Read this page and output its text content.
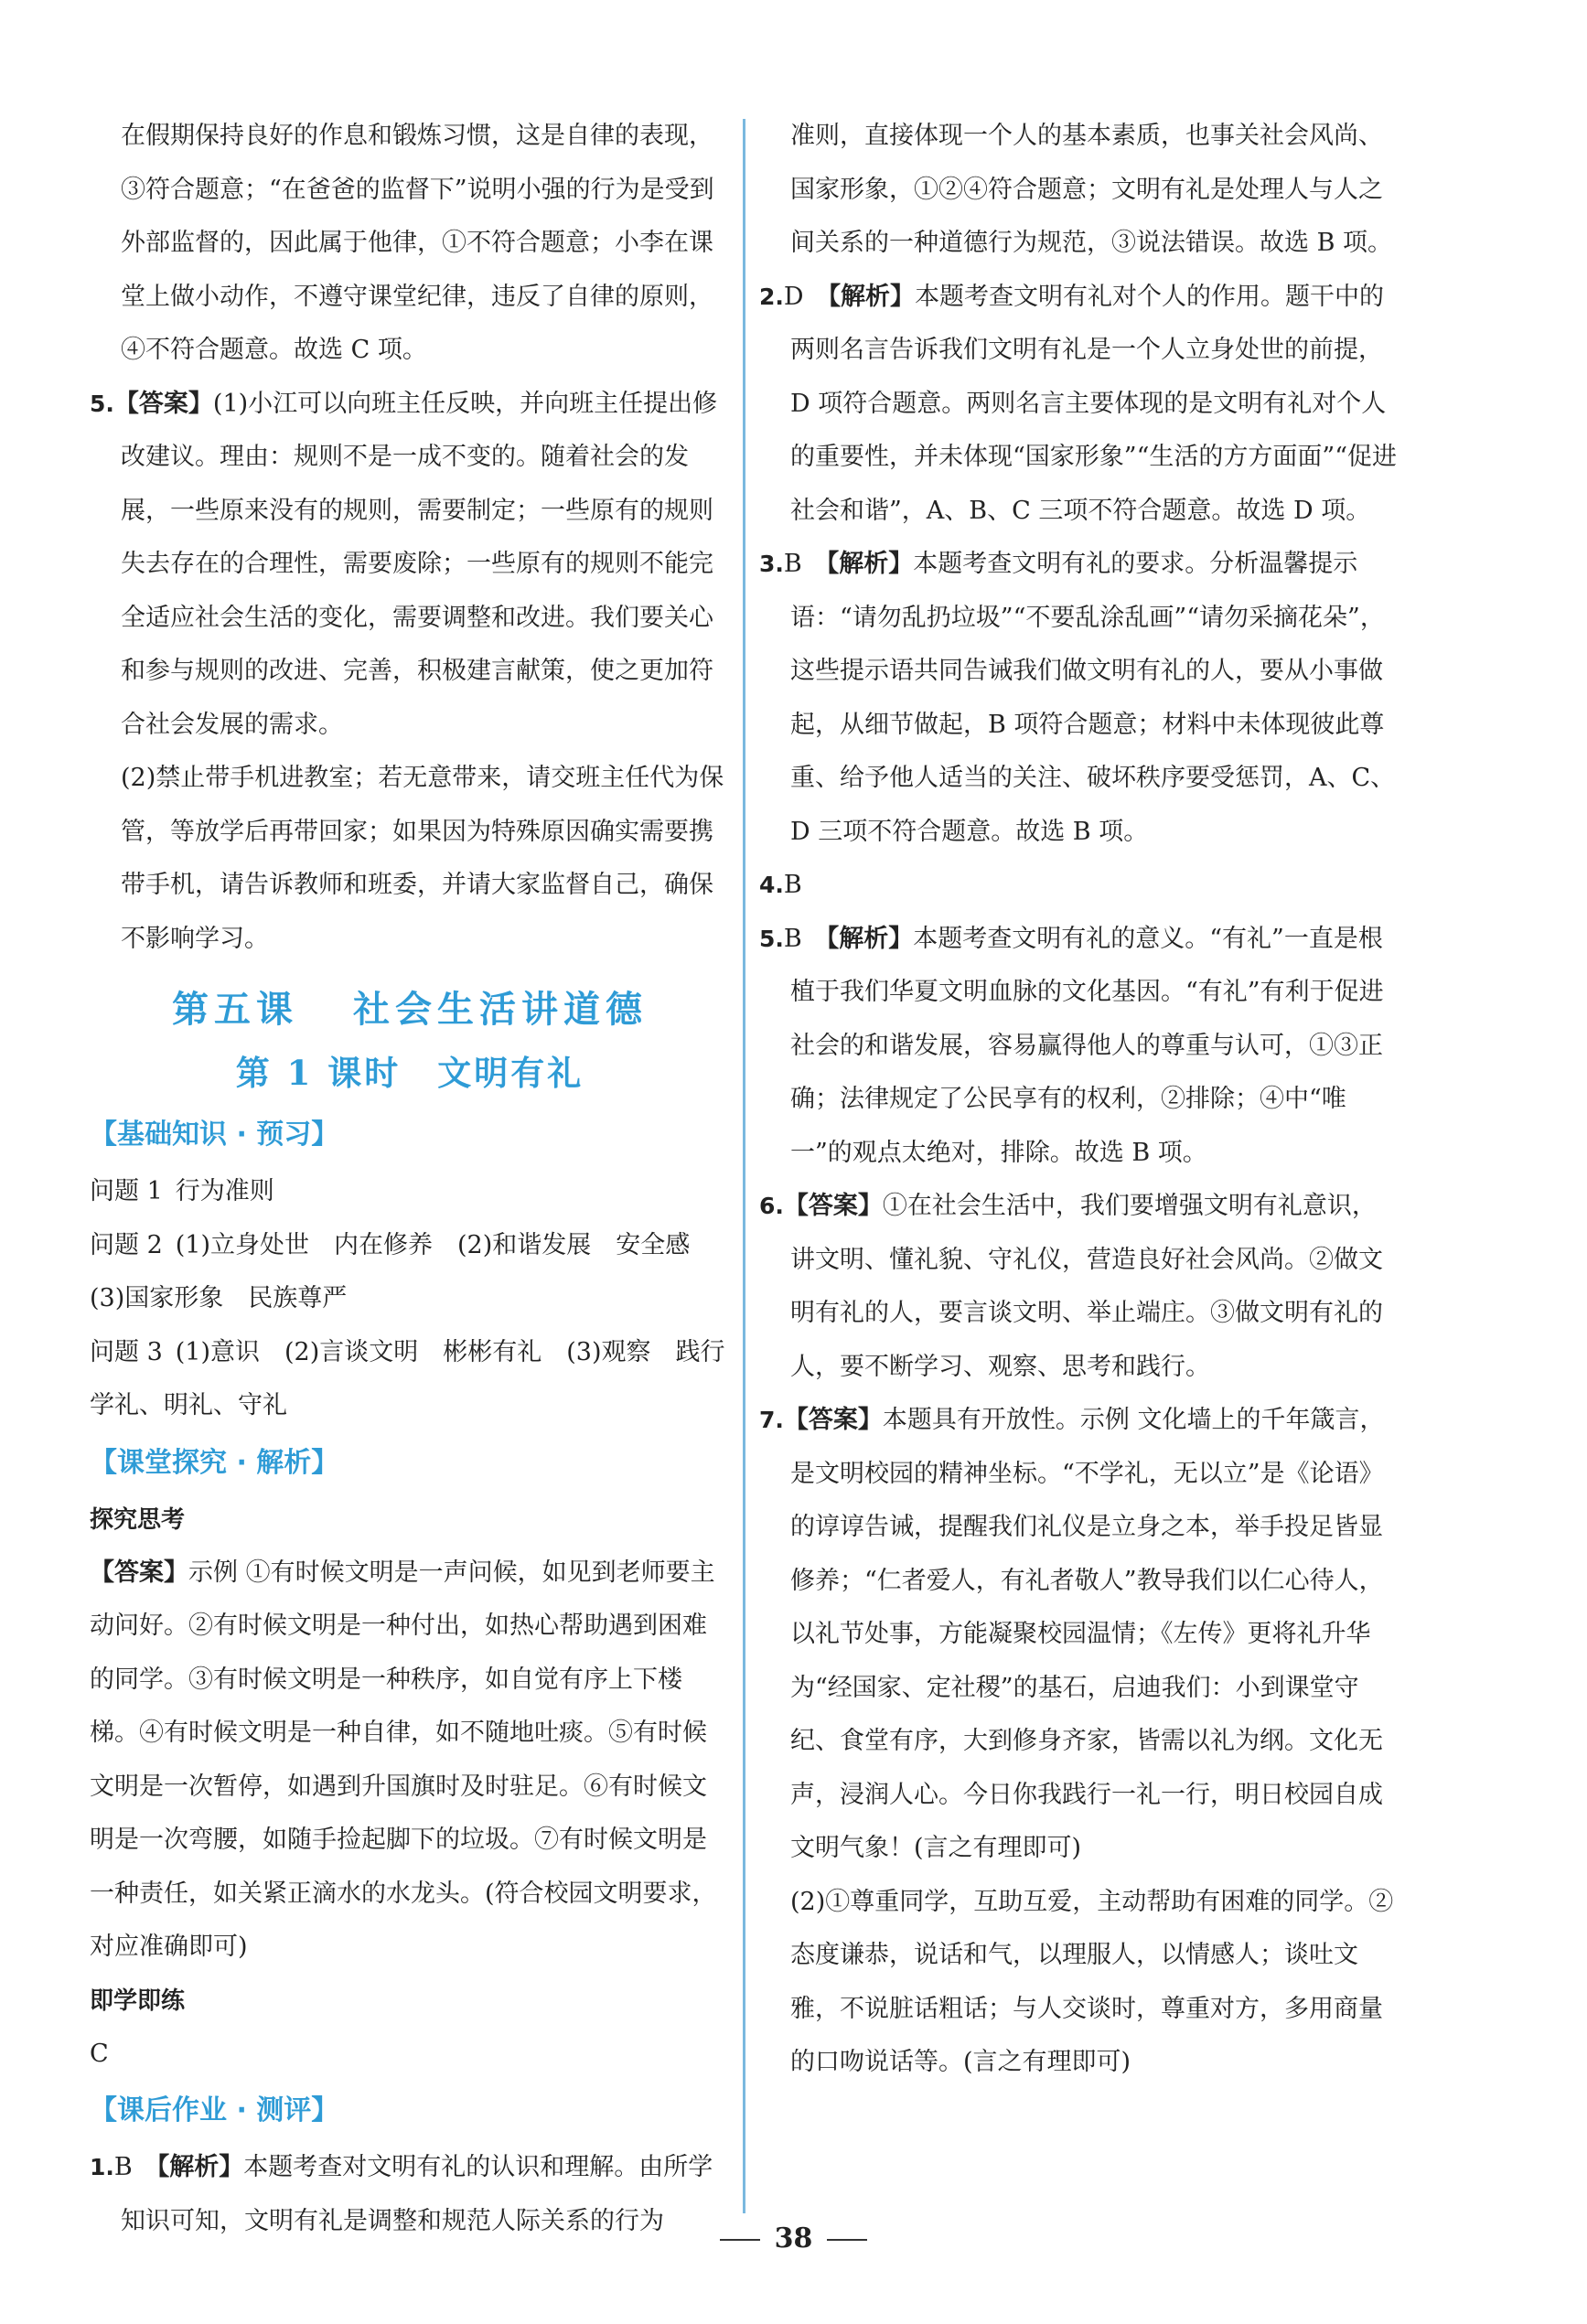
在假期保持良好的作息和锻炼习惯，这是自律的表现，③符合题意；“在爸爸的监督下”说明小强的行为是受到外部监督的，因此属于他律，①不符合题意；小李在课堂上做小动作，不遵守课堂纪律，违反了自律的原则，④不符合题意。故选 C 项。

5.【答案】(1)小江可以向班主任反映，并向班主任提出修改建议。理由：规则不是一成不变的。随着社会的发展，一些原来没有的规则，需要制定；一些原有的规则失去存在的合理性，需要废除；一些原有的规则不能完全适应社会生活的变化，需要调整和改进。我们要关心和参与规则的改进、完善，积极建言献策，使之更加符合社会发展的需求。

(2)禁止带手机进教室；若无意带来，请交班主任代为保管，等放学后再带回家；如果因为特殊原因确实需要携带手机，请告诉教师和班委，并请大家监督自己，确保不影响学习。

第五课 社会生活讲道德

第 1 课时 文明有礼

【基础知识 · 预习】

问题 1 行为准则

问题 2 (1)立身处世　内在修养　(2)和谐发展　安全感　(3)国家形象　民族尊严

问题 3 (1)意识　(2)言谈文明　彬彬有礼　(3)观察　践行　学礼、明礼、守礼

【课堂探究 · 解析】

探究思考

【答案】示例 ①有时候文明是一声问候，如见到老师要主动问好。②有时候文明是一种付出，如热心帮助遇到困难的同学。③有时候文明是一种秩序，如自觉有序上下楼梯。④有时候文明是一种自律，如不随地吐痰。⑤有时候文明是一次暂停，如遇到升国旗时及时驻足。⑥有时候文明是一次弯腰，如随手捡起脚下的垃圾。⑦有时候文明是一种责任，如关紧正滴水的水龙头。(符合校园文明要求，对应准确即可)

即学即练

C

【课后作业 · 测评】

1.B　 【解析】本题考查对文明有礼的认识和理解。由所学知识可知，文明有礼是调整和规范人际关系的行为

准则，直接体现一个人的基本素质，也事关社会风尚、国家形象，①②④符合题意；文明有礼是处理人与人之间关系的一种道德行为规范，③说法错误。故选 B 项。

2.D　 【解析】本题考查文明有礼对个人的作用。题干中的两则名言告诉我们文明有礼是一个人立身处世的前提，D 项符合题意。两则名言主要体现的是文明有礼对个人的重要性，并未体现“国家形象”“生活的方方面面”“促进社会和谐”，A、B、C 三项不符合题意。故选 D 项。

3.B　 【解析】本题考查文明有礼的要求。分析温馨提示语：“请勿乱扔垃圾”“不要乱涂乱画”“请勿采摘花朵”，这些提示语共同告诫我们做文明有礼的人，要从小事做起，从细节做起，B 项符合题意；材料中未体现彼此尊重、给予他人适当的关注、破坏秩序要受惩罚，A、C、D 三项不符合题意。故选 B 项。

4.B

5.B　 【解析】本题考查文明有礼的意义。“有礼”一直是根植于我们华夏文明血脉的文化基因。“有礼”有利于促进社会的和谐发展，容易赢得他人的尊重与认可，①③正确；法律规定了公民享有的权利，②排除；④中“唯一”的观点太绝对，排除。故选 B 项。

6.【答案】①在社会生活中，我们要增强文明有礼意识，讲文明、懂礼貌、守礼仪，营造良好社会风尚。②做文明有礼的人，要言谈文明、举止端庄。③做文明有礼的人，要不断学习、观察、思考和践行。

7.【答案】本题具有开放性。示例 文化墙上的千年箴言，是文明校园的精神坐标。“不学礼，无以立”是《论语》的谆谆告诫，提醒我们礼仪是立身之本，举手投足皆显修养；“仁者爱人，有礼者敬人”教导我们以仁心待人，以礼节处事，方能凝聚校园温情；《左传》更将礼升华为“经国家、定社稷”的基石，启迪我们：小到课堂守纪、食堂有序，大到修身齐家，皆需以礼为纲。文化无声，浸润人心。今日你我践行一礼一行，明日校园自成文明气象！(言之有理即可)

(2)①尊重同学，互助互爱，主动帮助有困难的同学。②态度谦恭，说话和气，以理服人，以情感人；谈吐文雅，不说脏话粗话；与人交谈时，尊重对方，多用商量的口吻说话等。(言之有理即可)

38
